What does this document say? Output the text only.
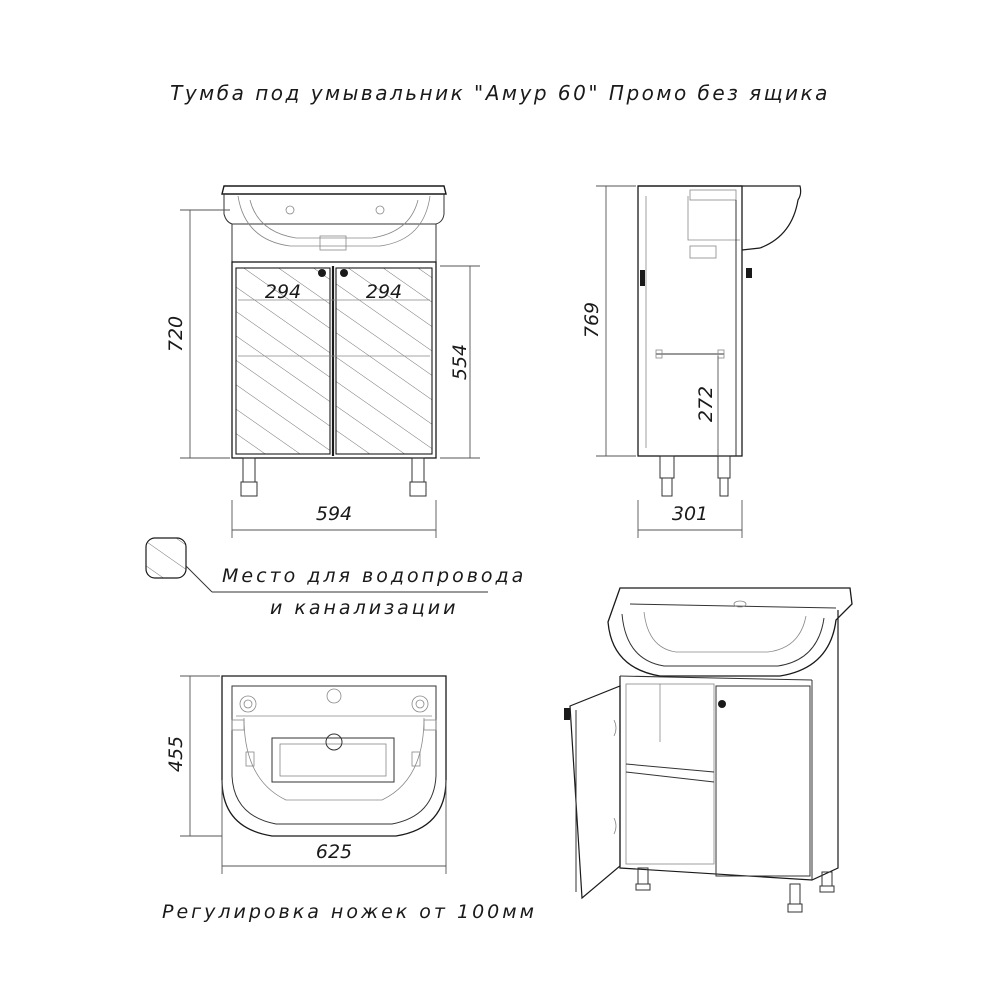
Тумба под умывальник "Амур 60" Промо без ящика
720
554
594
294	294
769
272
301
Место для водопровода
и канализации
455
625
Регулировка ножек от 100мм
